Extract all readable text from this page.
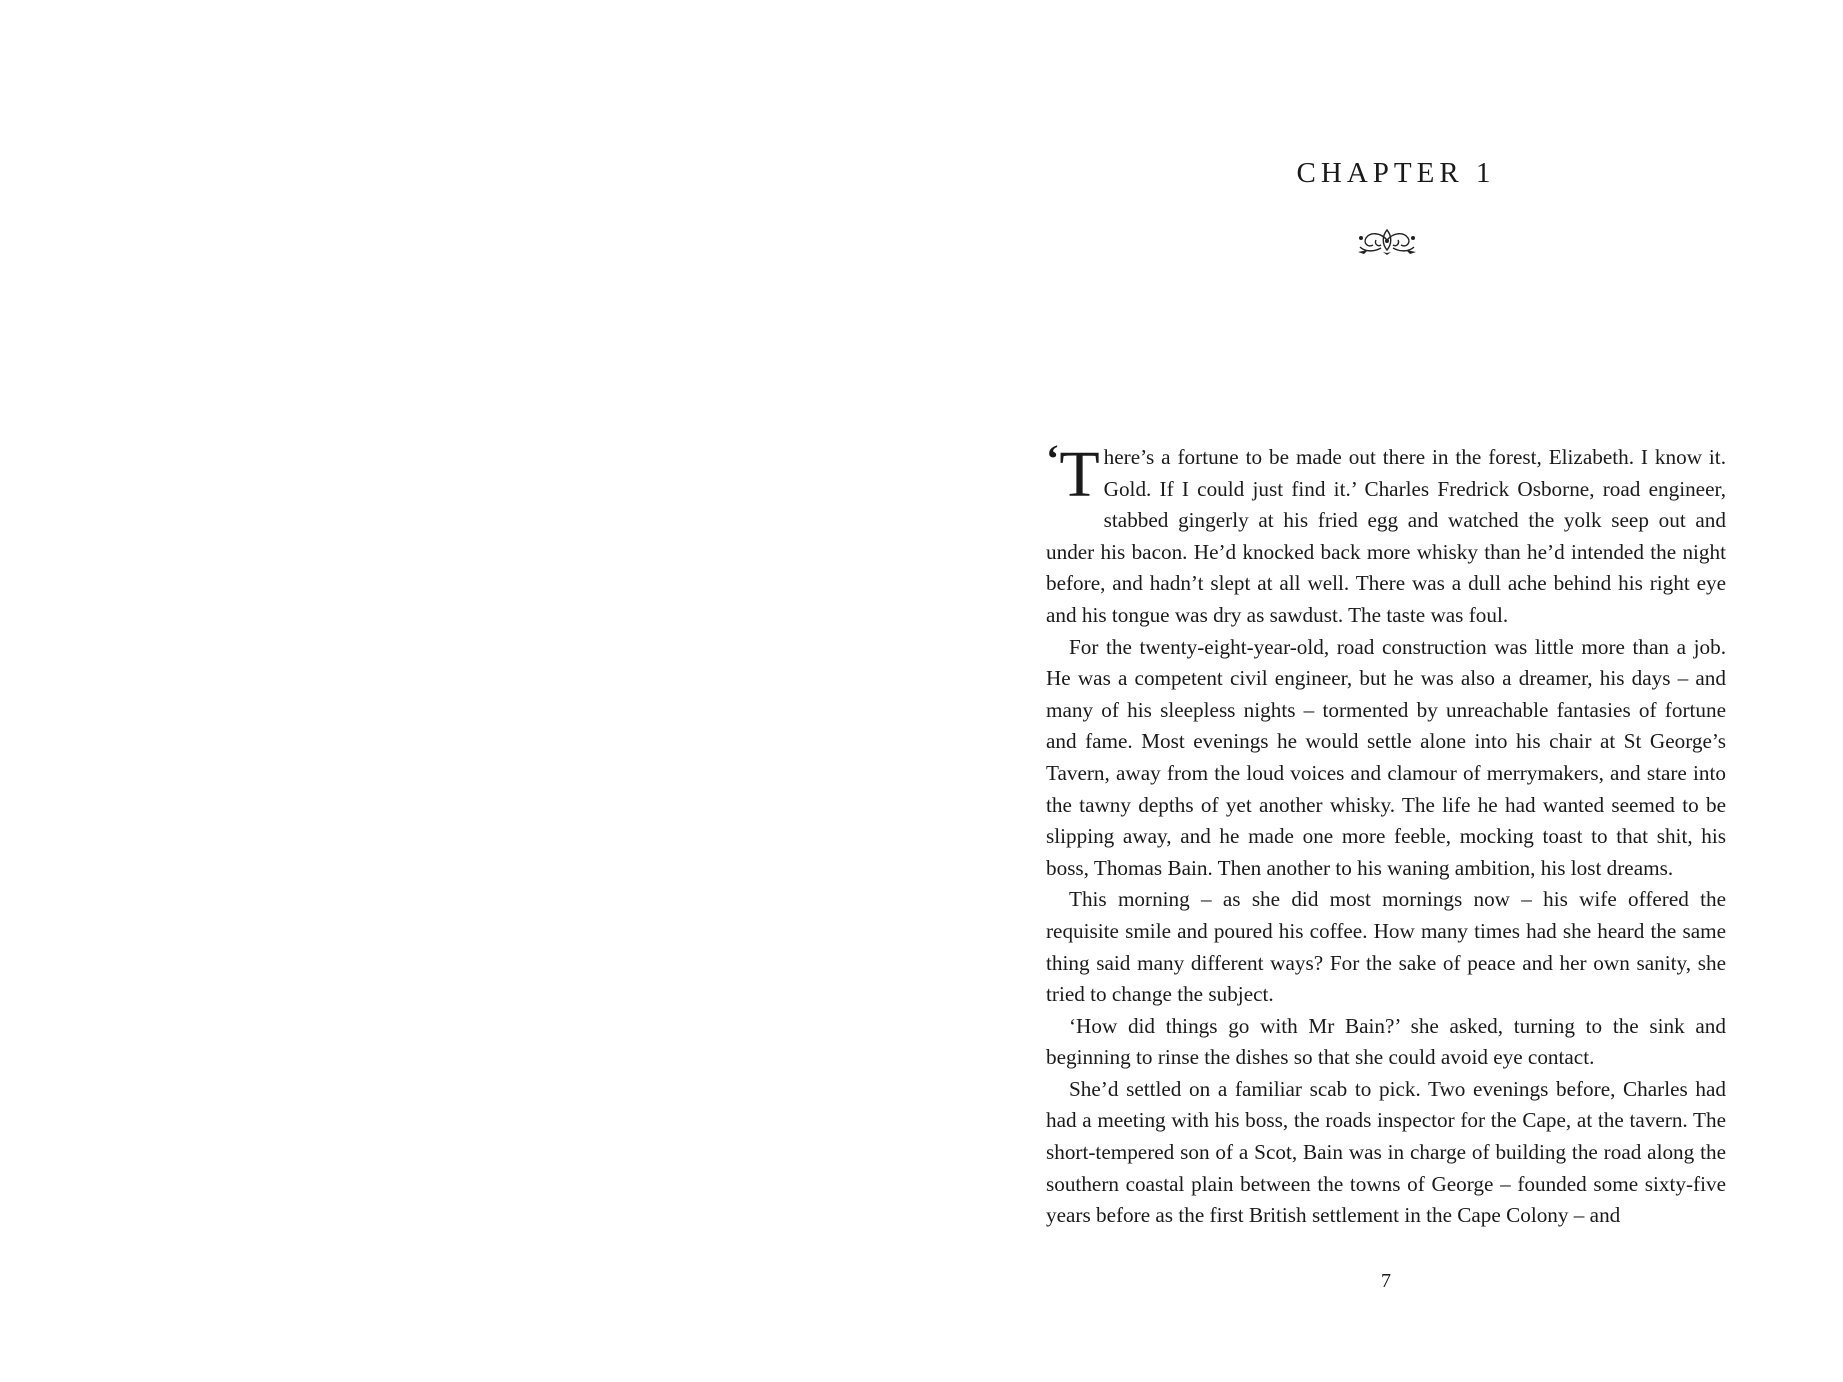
CHAPTER 1

‘T here’s a fortune to be made out there in the forest, Elizabeth. I know it. Gold. If I could just find it.’ Charles Fredrick Osborne, road engineer, stabbed gingerly at his fried egg and watched the yolk seep out and under his bacon. He’d knocked back more whisky than he’d intended the night before, and hadn’t slept at all well. There was a dull ache behind his right eye and his tongue was dry as sawdust. The taste was foul.

For the twenty-eight-year-old, road construction was little more than a job. He was a competent civil engineer, but he was also a dreamer, his days – and many of his sleepless nights – tormented by unreachable fantasies of fortune and fame. Most evenings he would settle alone into his chair at St George’s Tavern, away from the loud voices and clamour of merrymakers, and stare into the tawny depths of yet another whisky. The life he had wanted seemed to be slipping away, and he made one more feeble, mocking toast to that shit, his boss, Thomas Bain. Then another to his waning ambition, his lost dreams.

This morning – as she did most mornings now – his wife offered the requisite smile and poured his coffee. How many times had she heard the same thing said many different ways? For the sake of peace and her own sanity, she tried to change the subject.

‘How did things go with Mr Bain?’ she asked, turning to the sink and beginning to rinse the dishes so that she could avoid eye contact.

She’d settled on a familiar scab to pick. Two evenings before, Charles had had a meeting with his boss, the roads inspector for the Cape, at the tavern. The short-tempered son of a Scot, Bain was in charge of building the road along the southern coastal plain between the towns of George – founded some sixty-five years before as the first British settlement in the Cape Colony – and

7
